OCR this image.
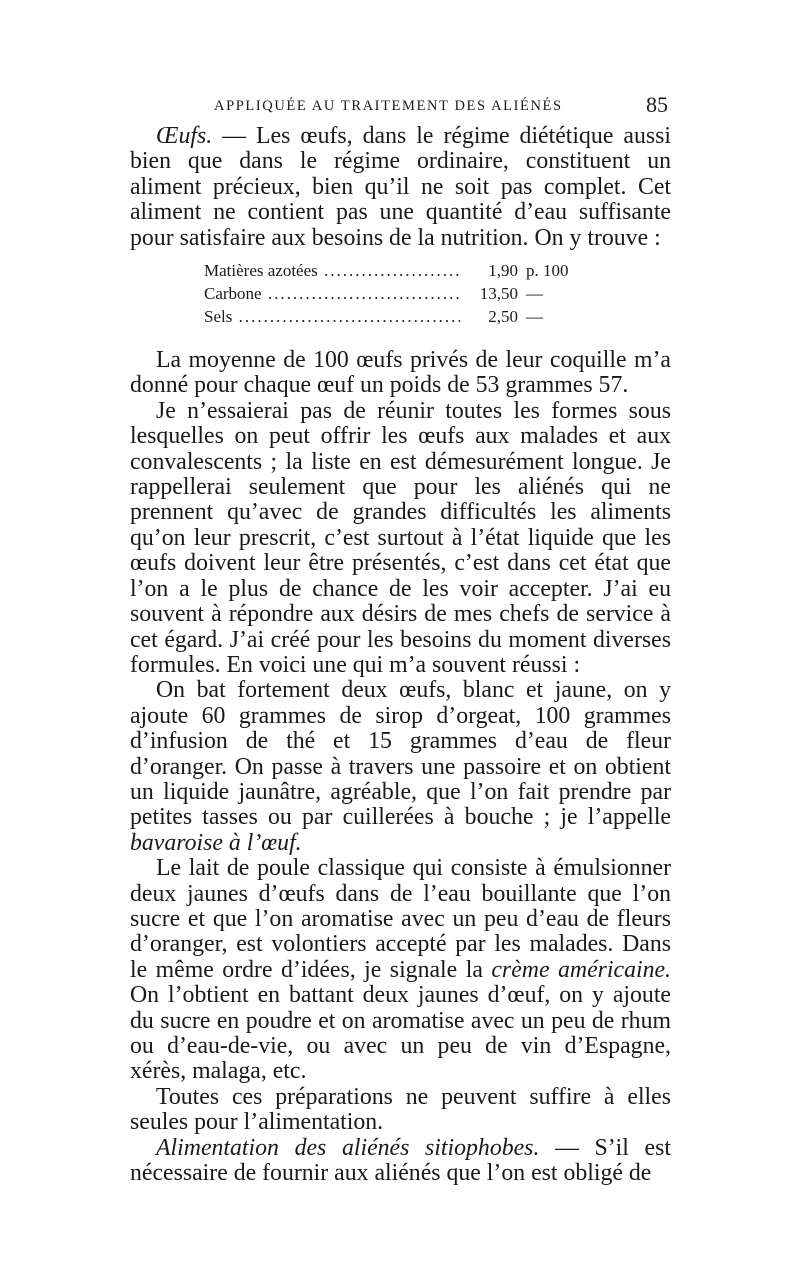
APPLIQUÉE AU TRAITEMENT DES ALIÉNÉS	85

Œufs. — Les œufs, dans le régime diététique aussi bien que dans le régime ordinaire, constituent un aliment précieux, bien qu’il ne soit pas complet. Cet aliment ne contient pas une quantité d’eau suffisante pour satisfaire aux besoins de la nutrition. On y trouve :

Matières azotées .....	1,90 p. 100
Carbone .....	13,50 —
Sels .....	2,50 —

La moyenne de 100 œufs privés de leur coquille m’a donné pour chaque œuf un poids de 53 grammes 57.

Je n’essaierai pas de réunir toutes les formes sous lesquelles on peut offrir les œufs aux malades et aux convalescents ; la liste en est démesurément longue. Je rappellerai seulement que pour les aliénés qui ne prennent qu’avec de grandes difficultés les aliments qu’on leur prescrit, c’est surtout à l’état liquide que les œufs doivent leur être présentés, c’est dans cet état que l’on a le plus de chance de les voir accepter. J’ai eu souvent à répondre aux désirs de mes chefs de service à cet égard. J’ai créé pour les besoins du moment diverses formules. En voici une qui m’a souvent réussi :

On bat fortement deux œufs, blanc et jaune, on y ajoute 60 grammes de sirop d’orgeat, 100 grammes d’infusion de thé et 15 grammes d’eau de fleur d’oranger. On passe à travers une passoire et on obtient un liquide jaunâtre, agréable, que l’on fait prendre par petites tasses ou par cuillerées à bouche ; je l’appelle bavaroise à l’œuf.

Le lait de poule classique qui consiste à émulsionner deux jaunes d’œufs dans de l’eau bouillante que l’on sucre et que l’on aromatise avec un peu d’eau de fleurs d’oranger, est volontiers accepté par les malades. Dans le même ordre d’idées, je signale la crème américaine. On l’obtient en battant deux jaunes d’œuf, on y ajoute du sucre en poudre et on aromatise avec un peu de rhum ou d’eau-de-vie, ou avec un peu de vin d’Espagne, xérès, malaga, etc.

Toutes ces préparations ne peuvent suffire à elles seules pour l’alimentation.

Alimentation des aliénés sitiophobes. — S’il est nécessaire de fournir aux aliénés que l’on est obligé de
